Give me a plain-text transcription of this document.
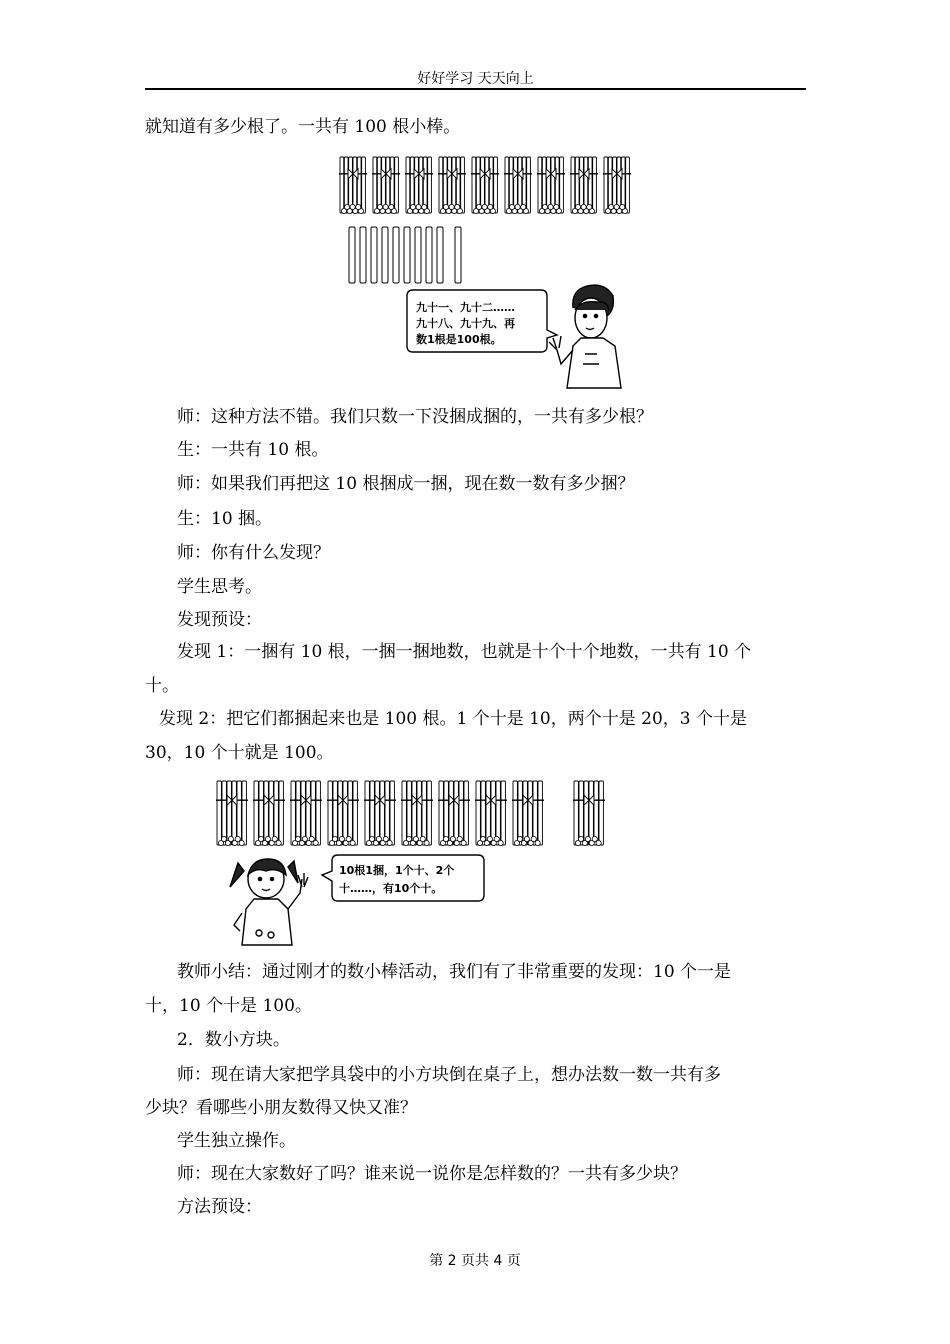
好好学习 天天向上
就知道有多少根了。一共有 100 根小棒。
九十一、九十二……
九十八、九十九、再
数1根是100根。
师：这种方法不错。我们只数一下没捆成捆的，一共有多少根？
生：一共有 10 根。
师：如果我们再把这 10 根捆成一捆，现在数一数有多少捆？
生：10 捆。
师：你有什么发现？
学生思考。
发现预设：
发现 1：一捆有 10 根，一捆一捆地数，也就是十个十个地数，一共有 10 个
十。
发现 2：把它们都捆起来也是 100 根。1 个十是 10，两个十是 20，3 个十是
30，10 个十就是 100。
10根1捆，1个十、2个
十……，有10个十。
教师小结：通过刚才的数小棒活动，我们有了非常重要的发现：10 个一是
十，10 个十是 100。
2．数小方块。
师：现在请大家把学具袋中的小方块倒在桌子上，想办法数一数一共有多
少块？看哪些小朋友数得又快又准？
学生独立操作。
师：现在大家数好了吗？谁来说一说你是怎样数的？一共有多少块？
方法预设：
第 2 页共 4 页
